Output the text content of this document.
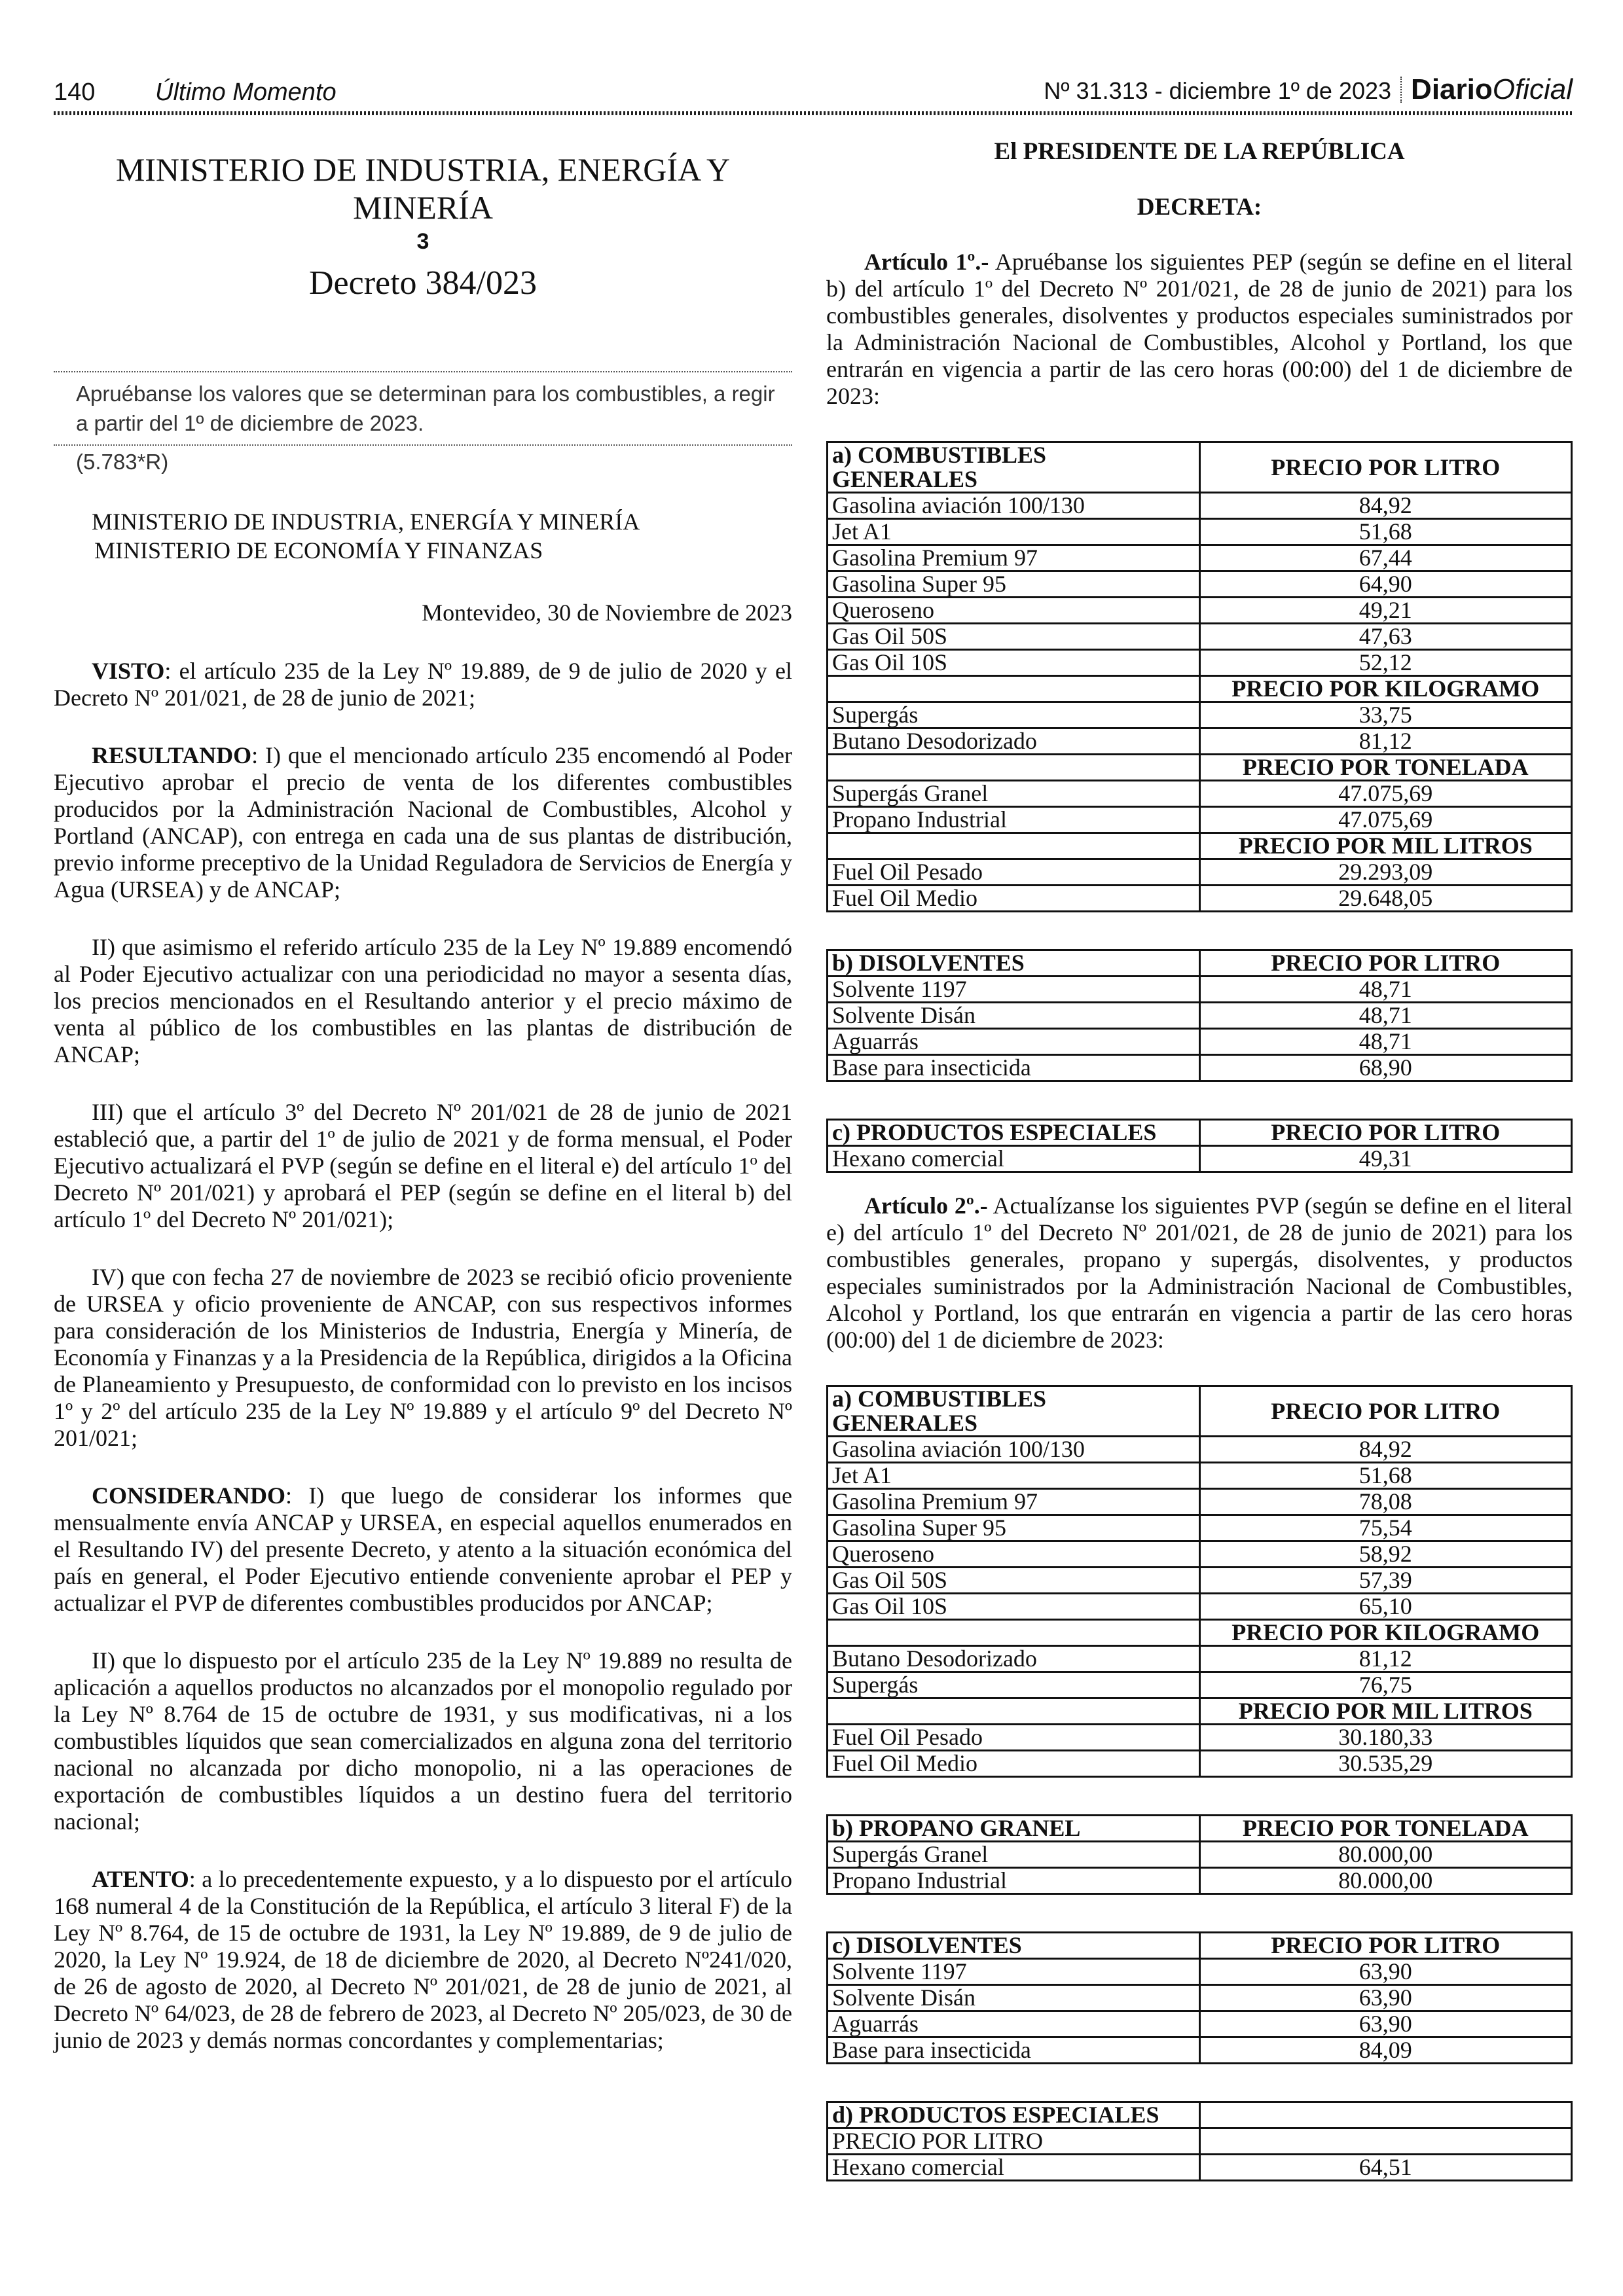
140 Último Momento	Nº 31.313 - diciembre 1º de 2023 DiarioOficial
MINISTERIO DE INDUSTRIA, ENERGÍA Y MINERÍA
3
Decreto 384/023
Apruébanse los valores que se determinan para los combustibles, a regir a partir del 1º de diciembre de 2023.
(5.783*R)
MINISTERIO DE INDUSTRIA, ENERGÍA Y MINERÍA
MINISTERIO DE ECONOMÍA Y FINANZAS
Montevideo, 30 de Noviembre de 2023

VISTO: el artículo 235 de la Ley Nº 19.889, de 9 de julio de 2020 y el Decreto Nº 201/021, de 28 de junio de 2021;

RESULTANDO: I) que el mencionado artículo 235 encomendó al Poder Ejecutivo aprobar el precio de venta de los diferentes combustibles producidos por la Administración Nacional de Combustibles, Alcohol y Portland (ANCAP), con entrega en cada una de sus plantas de distribución, previo informe preceptivo de la Unidad Reguladora de Servicios de Energía y Agua (URSEA) y de ANCAP;

II) que asimismo el referido artículo 235 de la Ley Nº 19.889 encomendó al Poder Ejecutivo actualizar con una periodicidad no mayor a sesenta días, los precios mencionados en el Resultando anterior y el precio máximo de venta al público de los combustibles en las plantas de distribución de ANCAP;

III) que el artículo 3º del Decreto Nº 201/021 de 28 de junio de 2021 estableció que, a partir del 1º de julio de 2021 y de forma mensual, el Poder Ejecutivo actualizará el PVP (según se define en el literal e) del artículo 1º del Decreto Nº 201/021) y aprobará el PEP (según se define en el literal b) del artículo 1º del Decreto Nº 201/021);

IV) que con fecha 27 de noviembre de 2023 se recibió oficio proveniente de URSEA y oficio proveniente de ANCAP, con sus respectivos informes para consideración de los Ministerios de Industria, Energía y Minería, de Economía y Finanzas y a la Presidencia de la República, dirigidos a la Oficina de Planeamiento y Presupuesto, de conformidad con lo previsto en los incisos 1º y 2º del artículo 235 de la Ley Nº 19.889 y el artículo 9º del Decreto Nº 201/021;

CONSIDERANDO: I) que luego de considerar los informes que mensualmente envía ANCAP y URSEA, en especial aquellos enumerados en el Resultando IV) del presente Decreto, y atento a la situación económica del país en general, el Poder Ejecutivo entiende conveniente aprobar el PEP y actualizar el PVP de diferentes combustibles producidos por ANCAP;

II) que lo dispuesto por el artículo 235 de la Ley Nº 19.889 no resulta de aplicación a aquellos productos no alcanzados por el monopolio regulado por la Ley Nº 8.764 de 15 de octubre de 1931, y sus modificativas, ni a los combustibles líquidos que sean comercializados en alguna zona del territorio nacional no alcanzada por dicho monopolio, ni a las operaciones de exportación de combustibles líquidos a un destino fuera del territorio nacional;

ATENTO: a lo precedentemente expuesto, y a lo dispuesto por el artículo 168 numeral 4 de la Constitución de la República, el artículo 3 literal F) de la Ley Nº 8.764, de 15 de octubre de 1931, la Ley Nº 19.889, de 9 de julio de 2020, la Ley Nº 19.924, de 18 de diciembre de 2020, al Decreto Nº241/020, de 26 de agosto de 2020, al Decreto Nº 201/021, de 28 de junio de 2021, al Decreto Nº 64/023, de 28 de febrero de 2023, al Decreto Nº 205/023, de 30 de junio de 2023 y demás normas concordantes y complementarias;

El PRESIDENTE DE LA REPÚBLICA
DECRETA:

Artículo 1º.- Apruébanse los siguientes PEP (según se define en el literal b) del artículo 1º del Decreto Nº 201/021, de 28 de junio de 2021) para los combustibles generales, disolventes y productos especiales suministrados por la Administración Nacional de Combustibles, Alcohol y Portland, los que entrarán en vigencia a partir de las cero horas (00:00) del 1 de diciembre de 2023:

a) COMBUSTIBLES GENERALES	PRECIO POR LITRO
Gasolina aviación 100/130	84,92
Jet A1	51,68
Gasolina Premium 97	67,44
Gasolina Super 95	64,90
Queroseno	49,21
Gas Oil 50S	47,63
Gas Oil 10S	52,12
	PRECIO POR KILOGRAMO
Supergás	33,75
Butano Desodorizado	81,12
	PRECIO POR TONELADA
Supergás Granel	47.075,69
Propano Industrial	47.075,69
	PRECIO POR MIL LITROS
Fuel Oil Pesado	29.293,09
Fuel Oil Medio	29.648,05
b) DISOLVENTES	PRECIO POR LITRO
Solvente 1197	48,71
Solvente Disán	48,71
Aguarrás	48,71
Base para insecticida	68,90
c) PRODUCTOS ESPECIALES	PRECIO POR LITRO
Hexano comercial	49,31

Artículo 2º.- Actualízanse los siguientes PVP (según se define en el literal e) del artículo 1º del Decreto Nº 201/021, de 28 de junio de 2021) para los combustibles generales, propano y supergás, disolventes, y productos especiales suministrados por la Administración Nacional de Combustibles, Alcohol y Portland, los que entrarán en vigencia a partir de las cero horas (00:00) del 1 de diciembre de 2023:

a) COMBUSTIBLES GENERALES	PRECIO POR LITRO
Gasolina aviación 100/130	84,92
Jet A1	51,68
Gasolina Premium 97	78,08
Gasolina Super 95	75,54
Queroseno	58,92
Gas Oil 50S	57,39
Gas Oil 10S	65,10
	PRECIO POR KILOGRAMO
Butano Desodorizado	81,12
Supergás	76,75
	PRECIO POR MIL LITROS
Fuel Oil Pesado	30.180,33
Fuel Oil Medio	30.535,29
b) PROPANO GRANEL	PRECIO POR TONELADA
Supergás Granel	80.000,00
Propano Industrial	80.000,00
c) DISOLVENTES	PRECIO POR LITRO
Solvente 1197	63,90
Solvente Disán	63,90
Aguarrás	63,90
Base para insecticida	84,09
d) PRODUCTOS ESPECIALES	
PRECIO POR LITRO	
Hexano comercial	64,51
